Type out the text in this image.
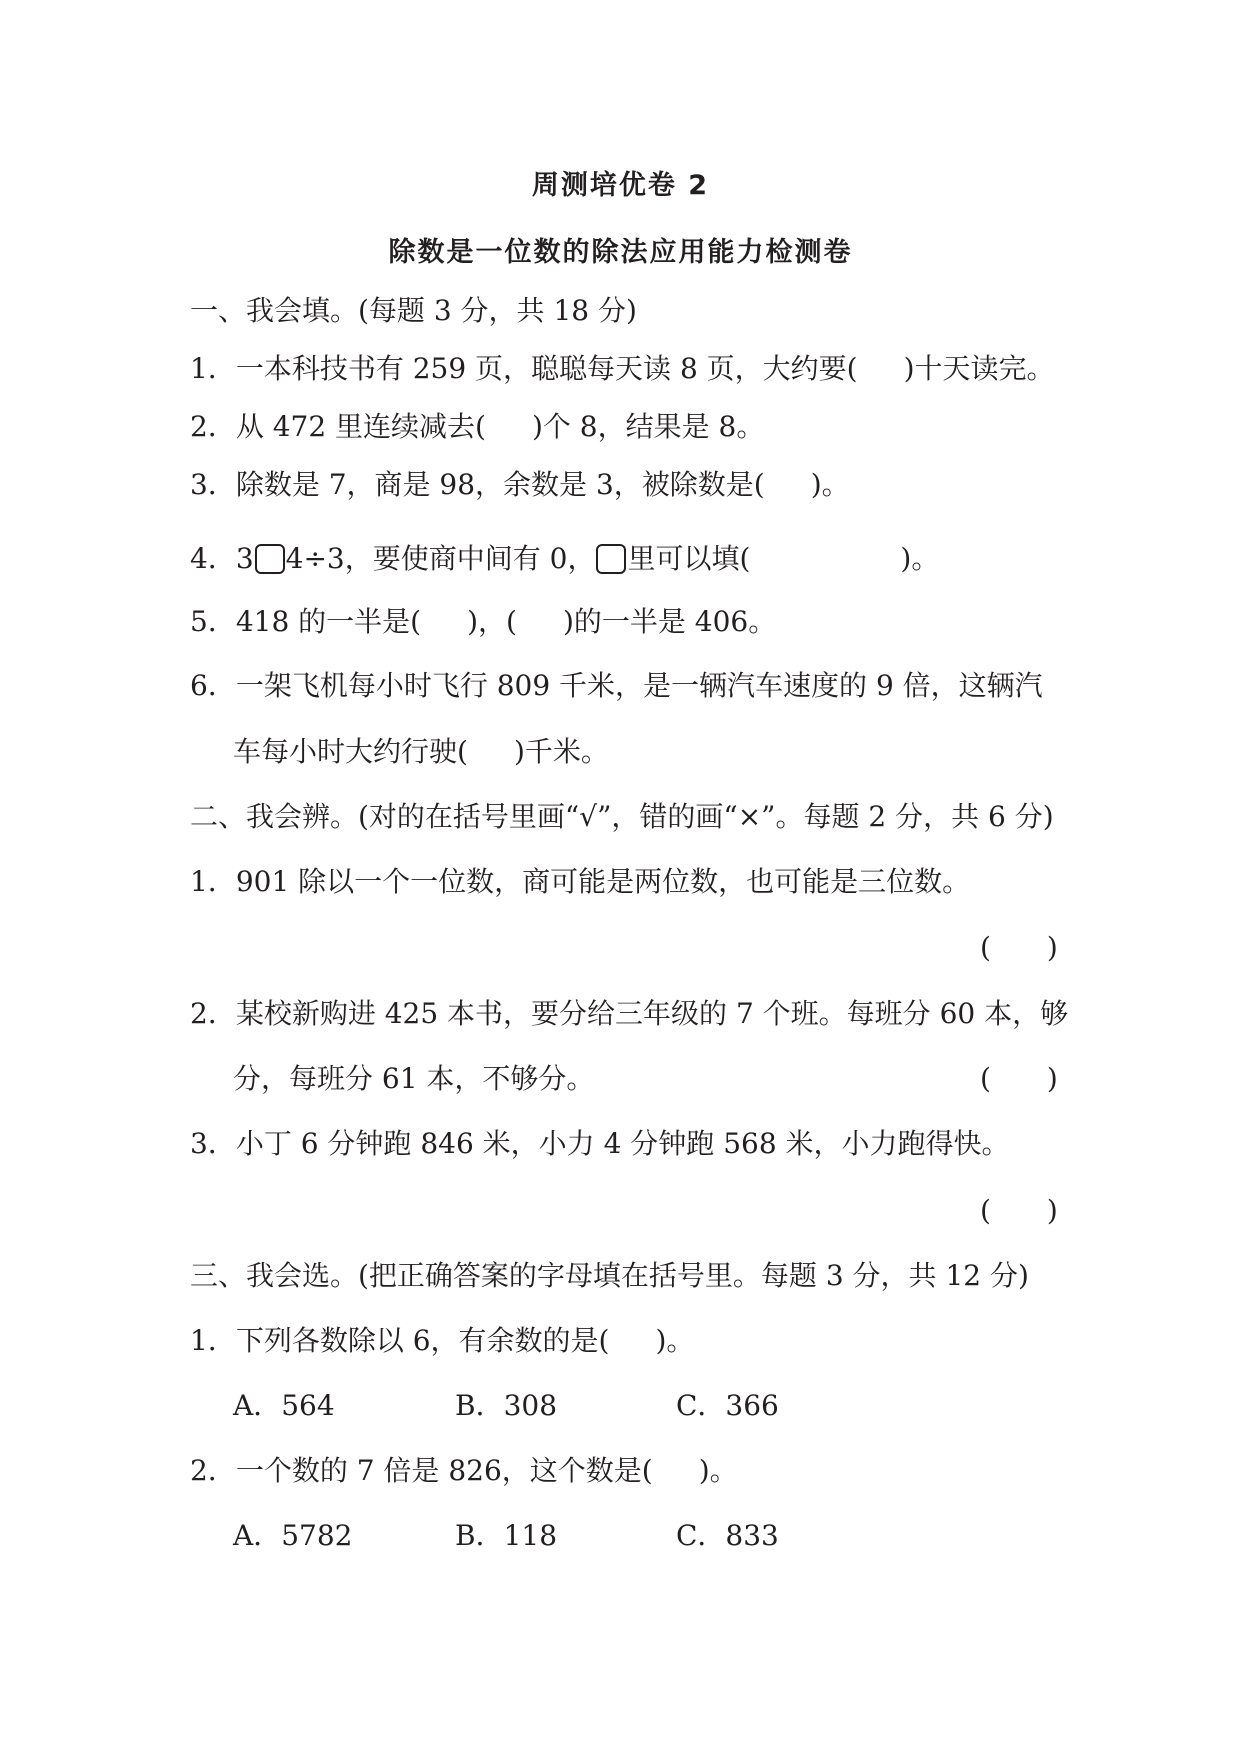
周测培优卷 2
除数是一位数的除法应用能力检测卷
一、我会填。(每题 3 分，共 18 分)
1．一本科技书有 259 页，聪聪每天读 8 页，大约要( )十天读完。
2．从 472 里连续减去( )个 8，结果是 8。
3．除数是 7，商是 98，余数是 3，被除数是( )。
4．3 4÷3，要使商中间有 0， 里可以填(	)。
5．418 的一半是( )，( )的一半是 406。
6．一架飞机每小时飞行 809 千米，是一辆汽车速度的 9 倍，这辆汽
车每小时大约行驶( )千米。
二、我会辨。(对的在括号里画“√”，错的画“×”。每题 2 分，共 6 分)
1．901 除以一个一位数，商可能是两位数，也可能是三位数。
(　　)
2．某校新购进 425 本书，要分给三年级的 7 个班。每班分 60 本，够
分，每班分 61 本，不够分。	(　　)
3．小丁 6 分钟跑 846 米，小力 4 分钟跑 568 米，小力跑得快。
(　　)
三、我会选。(把正确答案的字母填在括号里。每题 3 分，共 12 分)
1．下列各数除以 6，有余数的是( )。
A．564	B．308	C．366
2．一个数的 7 倍是 826，这个数是( )。
A．5782	B．118	C．833
